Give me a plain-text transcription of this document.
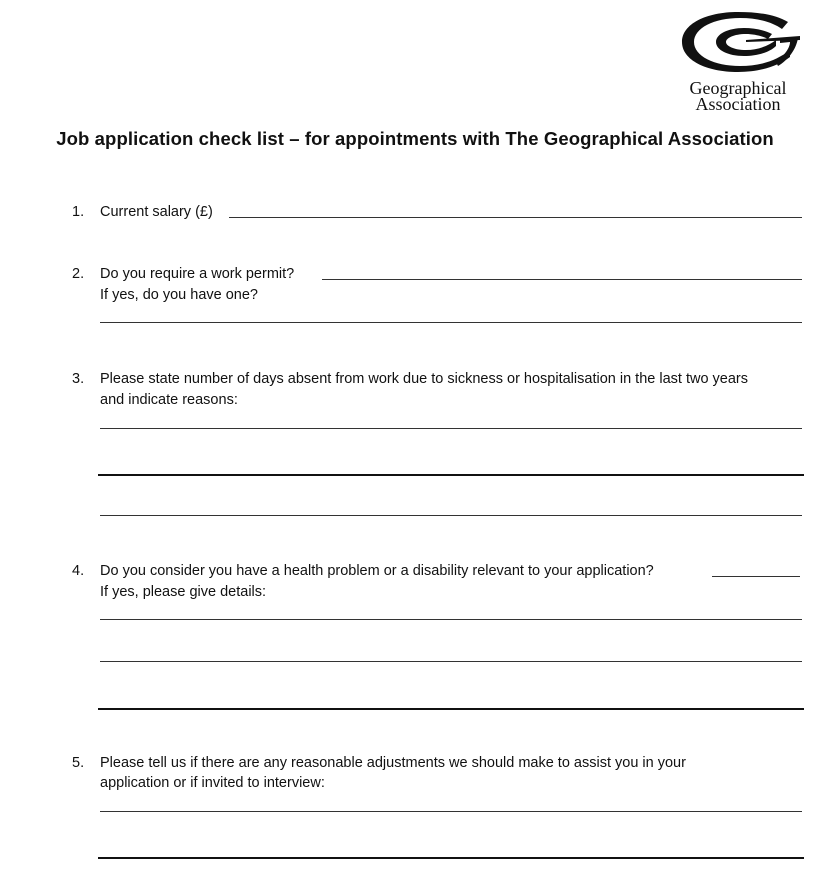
Geographical
Association
Job application check list – for appointments with The Geographical Association
1. Current salary (£)
2. Do you require a work permit?
If yes, do you have one?
3. Please state number of days absent from work due to sickness or hospitalisation in the last two years
and indicate reasons:
4. Do you consider you have a health problem or a disability relevant to your application?
If yes, please give details:
5. Please tell us if there are any reasonable adjustments we should make to assist you in your
application or if invited to interview:
